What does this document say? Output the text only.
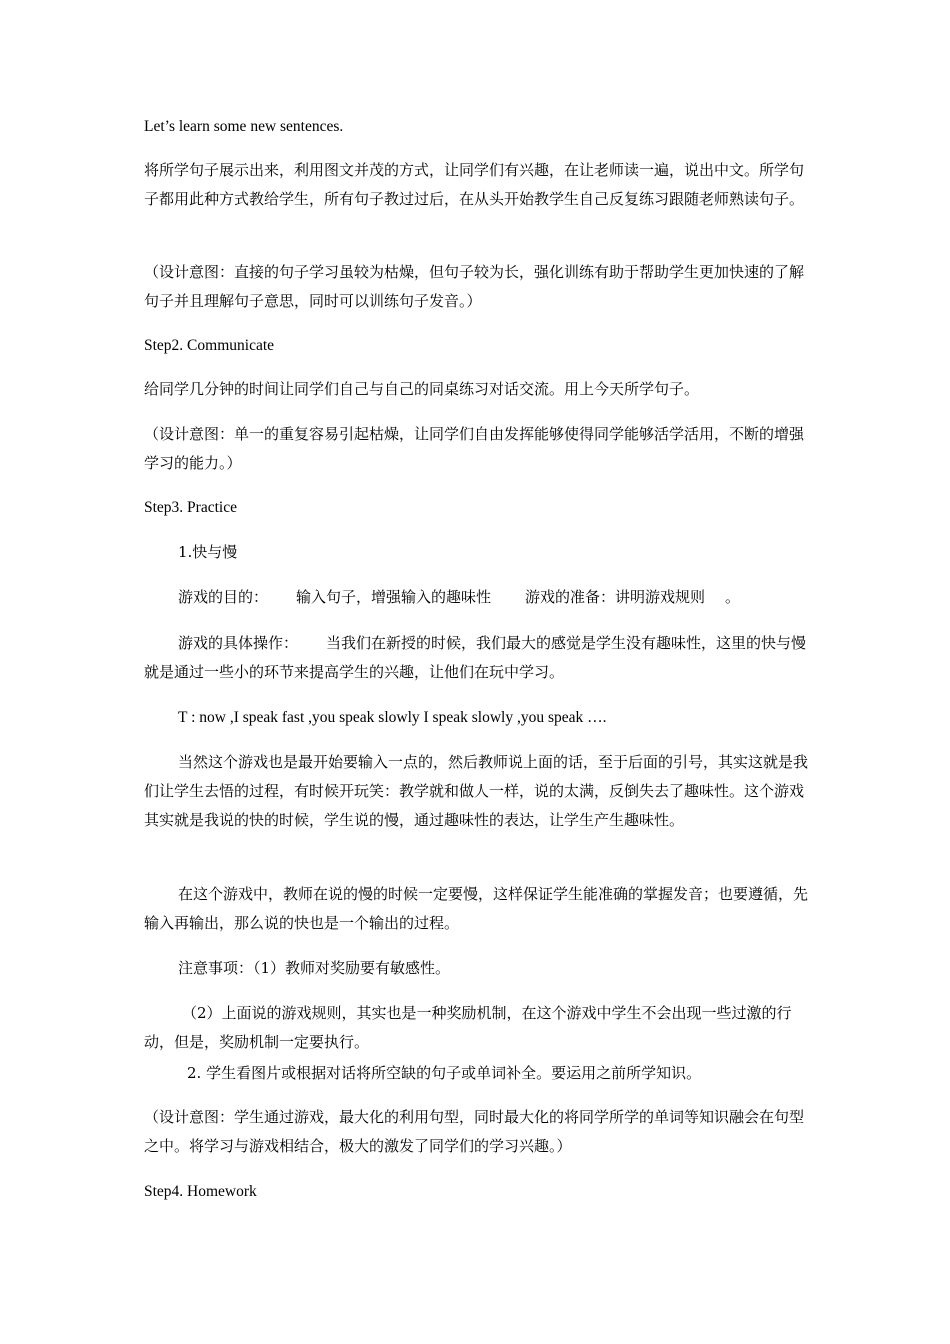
Let’s learn some new sentences.

将所学句子展示出来，利用图文并茂的方式，让同学们有兴趣，在让老师读一遍，说出中文。所学句子都用此种方式教给学生，所有句子教过过后，在从头开始教学生自己反复练习跟随老师熟读句子。

（设计意图：直接的句子学习虽较为枯燥，但句子较为长，强化训练有助于帮助学生更加快速的了解句子并且理解句子意思，同时可以训练句子发音。）

Step2. Communicate

给同学几分钟的时间让同学们自己与自己的同桌练习对话交流。用上今天所学句子。

（设计意图：单一的重复容易引起枯燥，让同学们自由发挥能够使得同学能够活学活用，不断的增强学习的能力。）

Step3. Practice

1.快与慢

游戏的目的： 输入句子，增强输入的趣味性 游戏的准备：讲明游戏规则 。

游戏的具体操作： 当我们在新授的时候，我们最大的感觉是学生没有趣味性，这里的快与慢就是通过一些小的环节来提高学生的兴趣，让他们在玩中学习。

T : now ,I speak fast ,you speak slowly I speak slowly ,you speak ….

当然这个游戏也是最开始要输入一点的，然后教师说上面的话，至于后面的引号，其实这就是我们让学生去悟的过程，有时候开玩笑：教学就和做人一样，说的太满，反倒失去了趣味性。这个游戏其实就是我说的快的时候，学生说的慢，通过趣味性的表达，让学生产生趣味性。

在这个游戏中，教师在说的慢的时候一定要慢，这样保证学生能准确的掌握发音；也要遵循，先输入再输出，那么说的快也是一个输出的过程。

注意事项：（1）教师对奖励要有敏感性。

（2）上面说的游戏规则，其实也是一种奖励机制，在这个游戏中学生不会出现一些过激的行动，但是，奖励机制一定要执行。

2. 学生看图片或根据对话将所空缺的句子或单词补全。要运用之前所学知识。

（设计意图：学生通过游戏，最大化的利用句型，同时最大化的将同学所学的单词等知识融会在句型之中。将学习与游戏相结合，极大的激发了同学们的学习兴趣。）

Step4. Homework
